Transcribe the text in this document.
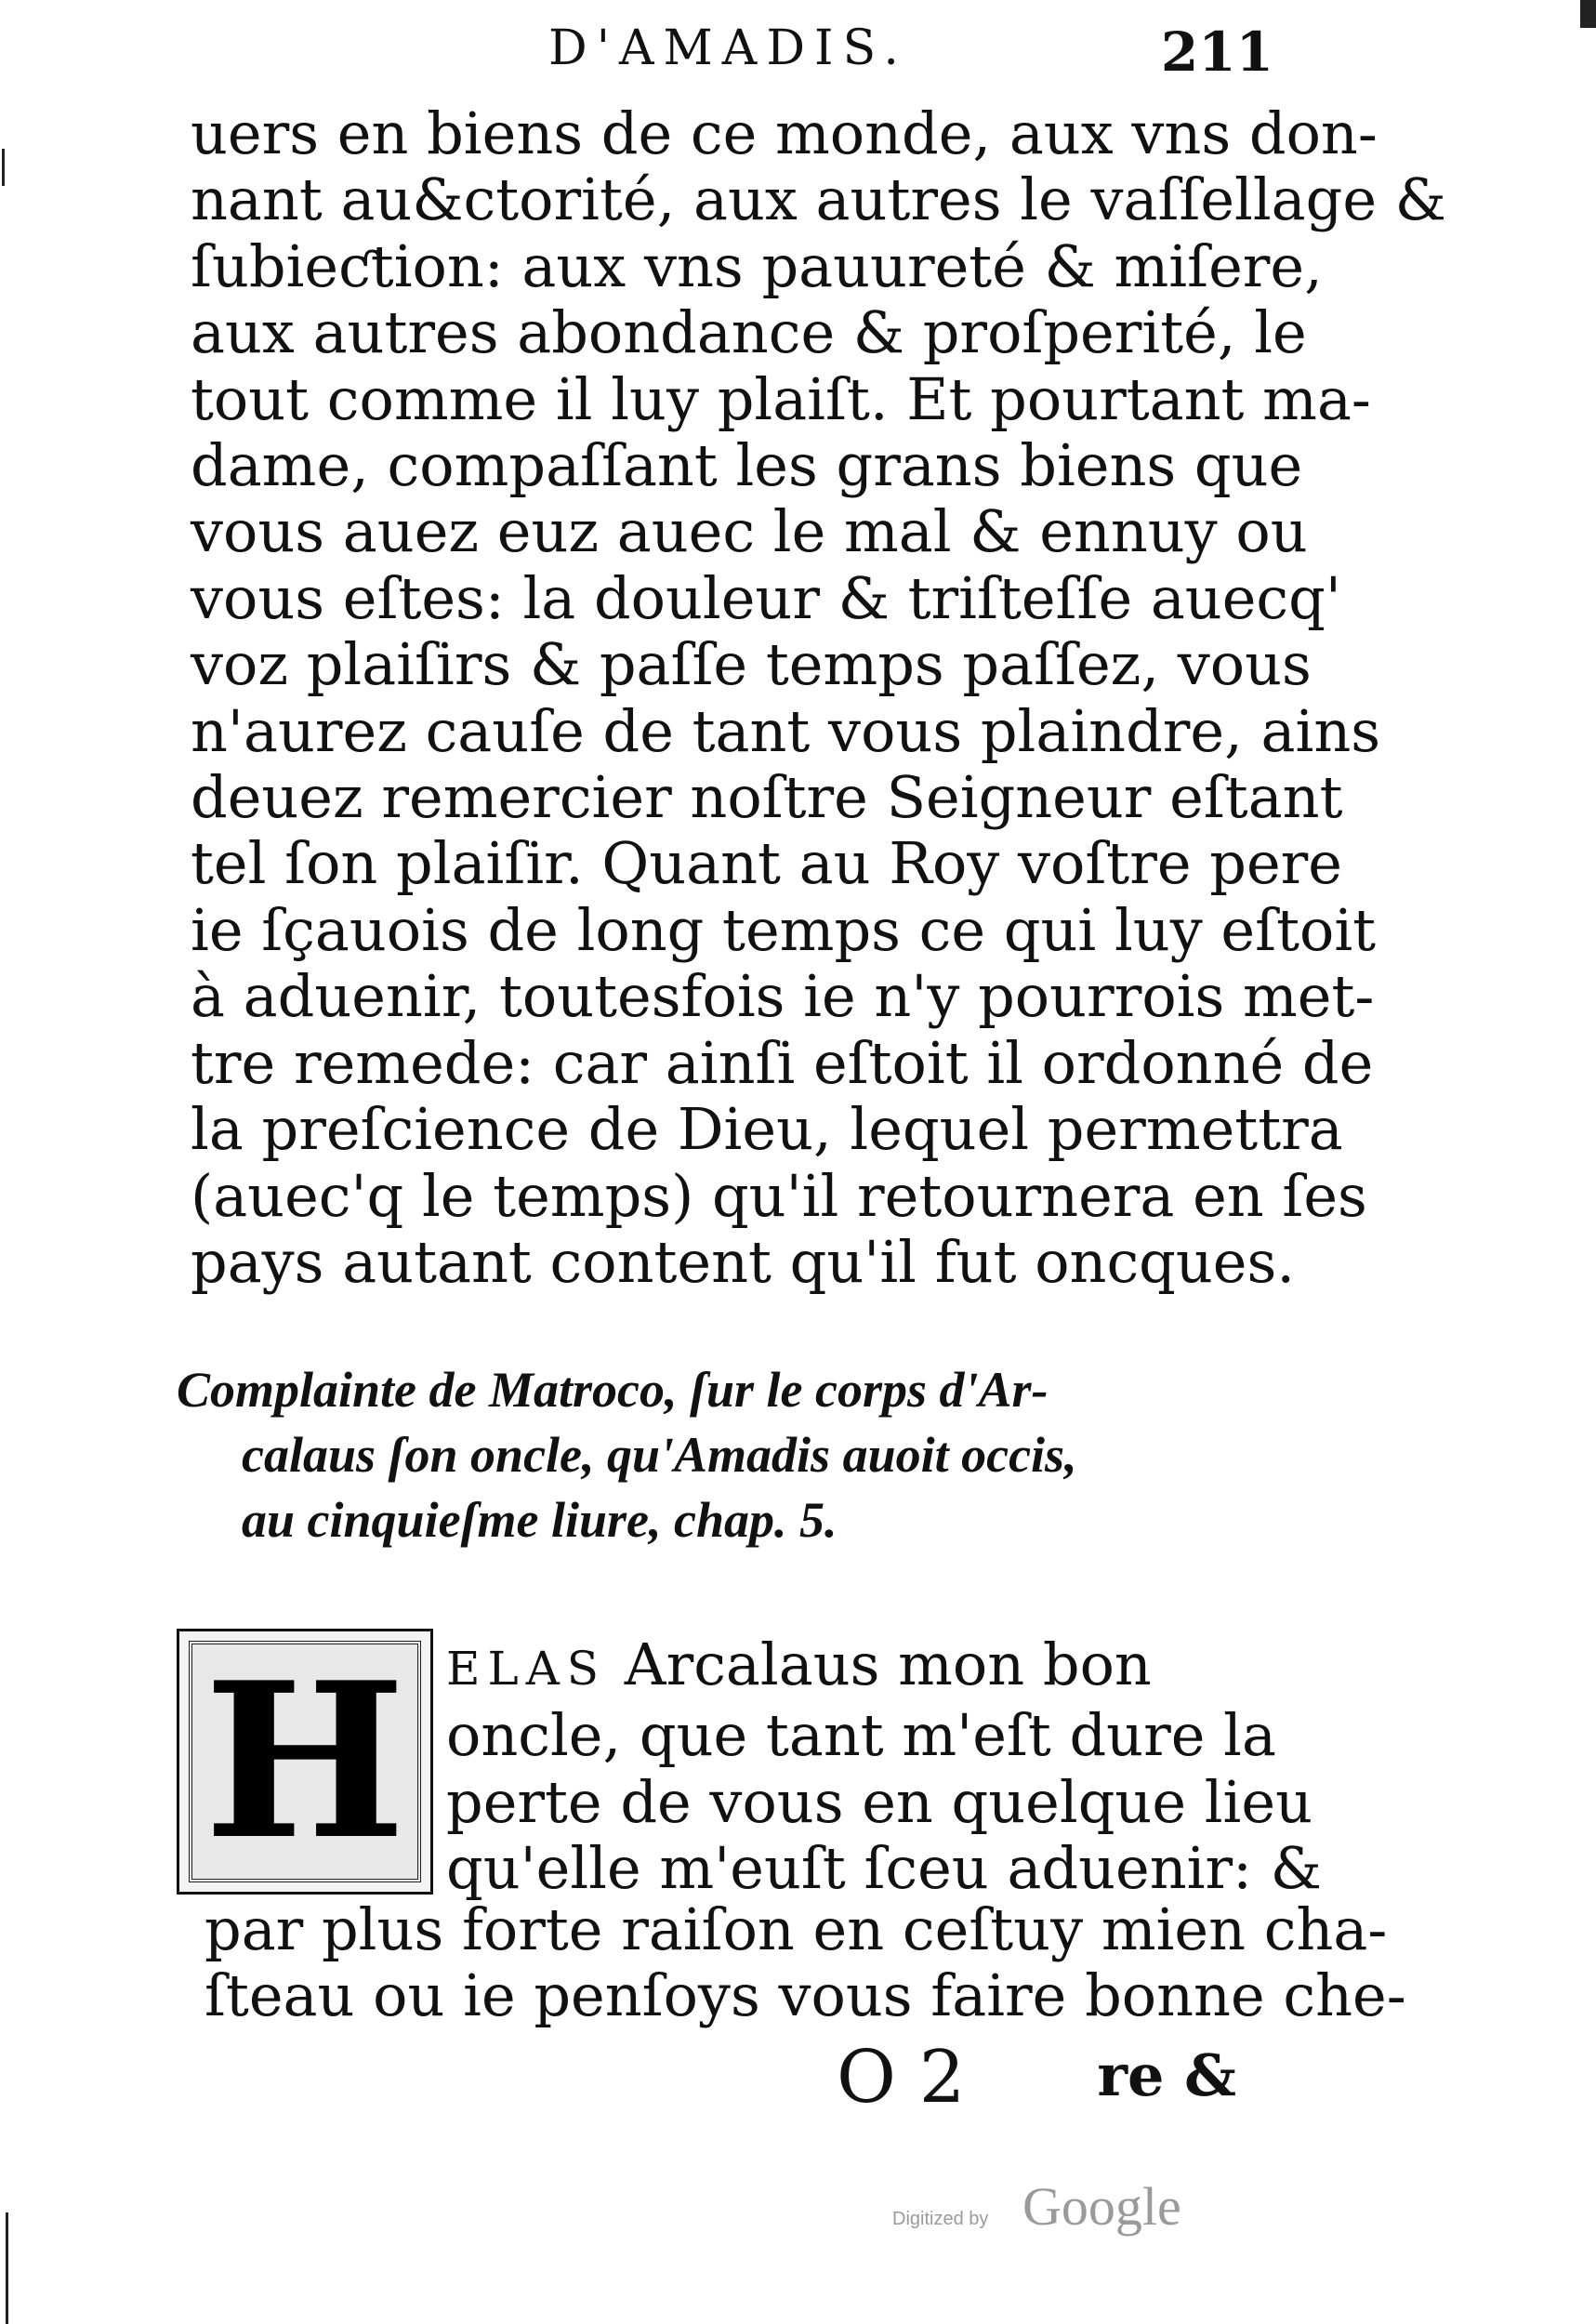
D'AMADIS.	211
uers en biens de ce monde, aux vns don-
nant au&ctorité, aux autres le vaſſellage &
ſubieƈtion: aux vns pauureté & miſere,
aux autres abondance & proſperité, le
tout comme il luy plaiſt. Et pourtant ma-
dame, compaſſant les grans biens que
vous auez euz auec le mal & ennuy ou
vous eſtes: la douleur & triſteſſe auecq'
voz plaiſirs & paſſe temps paſſez, vous
n'aurez cauſe de tant vous plaindre, ains
deuez remercier noſtre Seigneur eſtant
tel ſon plaiſir. Quant au Roy voſtre pere
ie ſçauois de long temps ce qui luy eſtoit
à aduenir, toutesfois ie n'y pourrois met-
tre remede: car ainſi eſtoit il ordonné de
la preſcience de Dieu, lequel permettra
(auec'q le temps) qu'il retournera en ſes
pays autant content qu'il fut oncques.
Complainte de Matroco, ſur le corps d'Ar-
calaus ſon oncle, qu'Amadis auoit occis,
au cinquieſme liure, chap. 5.
H ELAS Arcalaus mon bon
oncle, que tant m'eſt dure la
perte de vous en quelque lieu
qu'elle m'euſt ſceu aduenir: &
par plus forte raiſon en ceſtuy mien cha-
ſteau ou ie penſoys vous faire bonne che-
O 2 re &
Digitized by Google
